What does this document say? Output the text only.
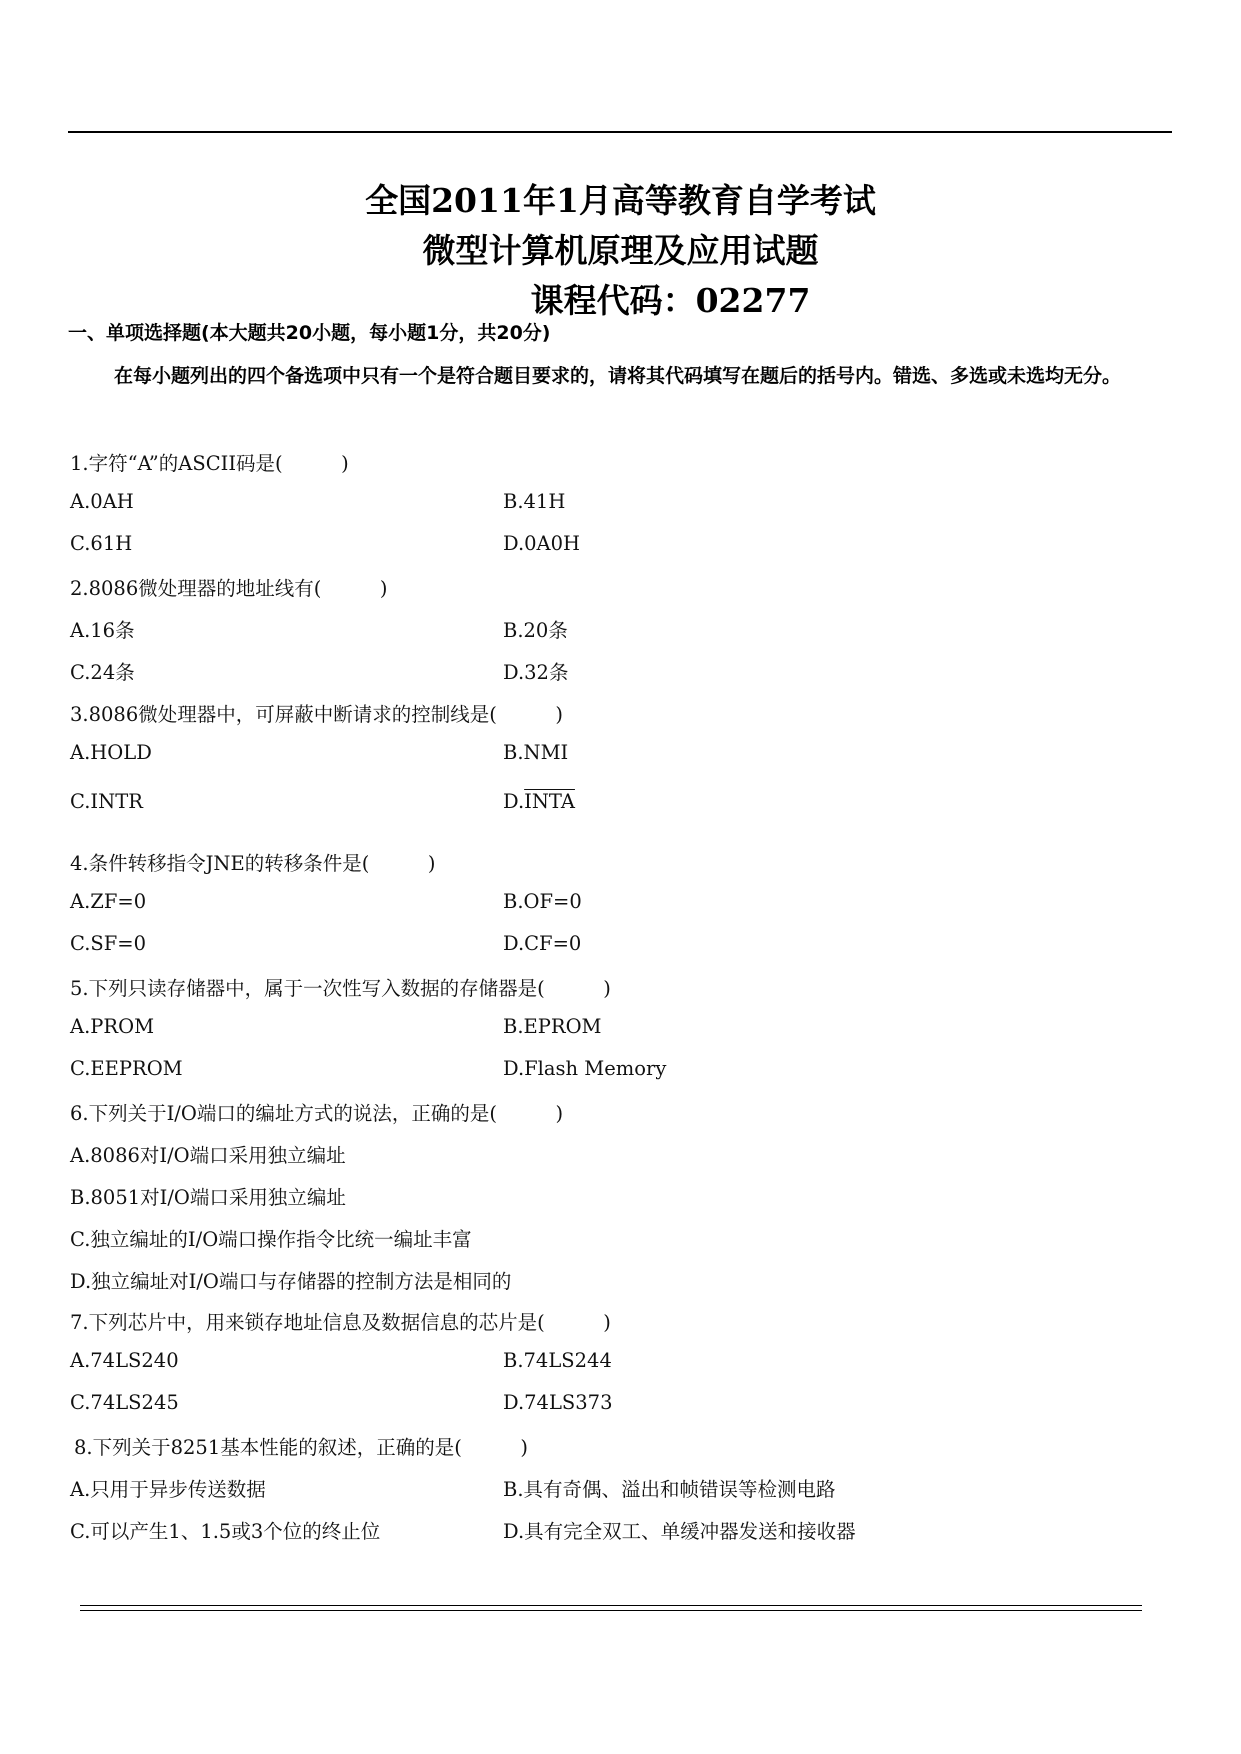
全国2011年1月高等教育自学考试
微型计算机原理及应用试题
课程代码：02277
一、单项选择题(本大题共20小题，每小题1分，共20分)
在每小题列出的四个备选项中只有一个是符合题目要求的，请将其代码填写在题后的括号内。错选、多选或未选均无分。
1.字符“A”的ASCII码是(　　　)
A.0AH	B.41H
C.61H	D.0A0H
2.8086微处理器的地址线有(　　　)
A.16条	B.20条
C.24条	D.32条
3.8086微处理器中，可屏蔽中断请求的控制线是(　　　)
A.HOLD	B.NMI
C.INTR	D.INTA
4.条件转移指令JNE的转移条件是(　　　)
A.ZF=0	B.OF=0
C.SF=0	D.CF=0
5.下列只读存储器中，属于一次性写入数据的存储器是(　　　)
A.PROM	B.EPROM
C.EEPROM	D.Flash Memory
6.下列关于I/O端口的编址方式的说法，正确的是(　　　)
A.8086对I/O端口采用独立编址
B.8051对I/O端口采用独立编址
C.独立编址的I/O端口操作指令比统一编址丰富
D.独立编址对I/O端口与存储器的控制方法是相同的
7.下列芯片中，用来锁存地址信息及数据信息的芯片是(　　　)
A.74LS240	B.74LS244
C.74LS245	D.74LS373
8.下列关于8251基本性能的叙述，正确的是(　　　)
A.只用于异步传送数据	B.具有奇偶、溢出和帧错误等检测电路
C.可以产生1、1.5或3个位的终止位	D.具有完全双工、单缓冲器发送和接收器
